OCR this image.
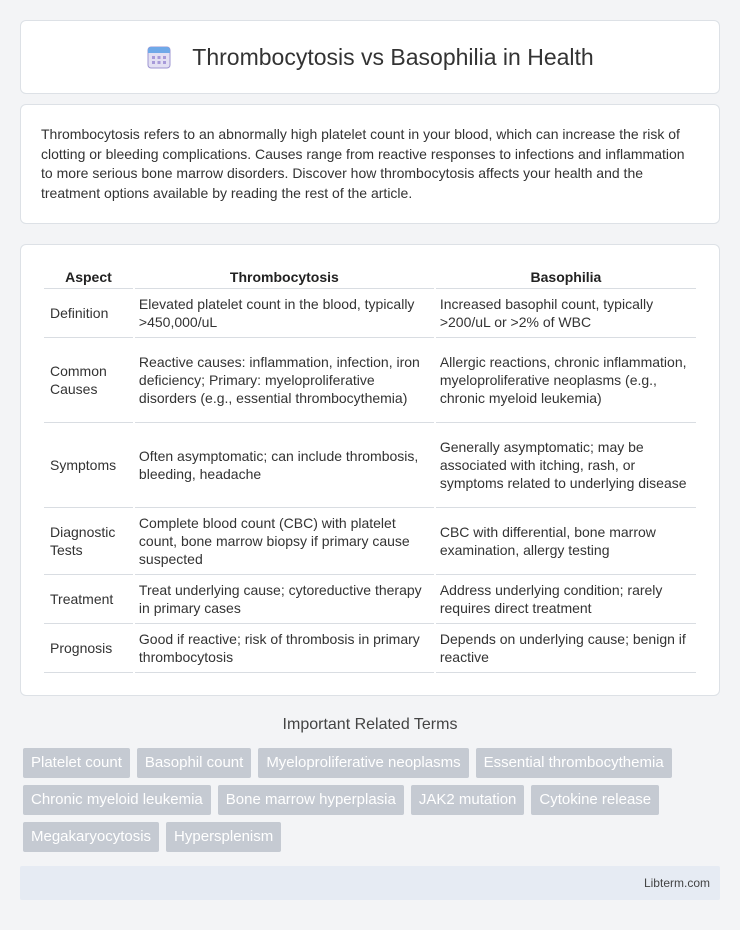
Thrombocytosis vs Basophilia in Health

Thrombocytosis refers to an abnormally high platelet count in your blood, which can increase the risk of clotting or bleeding complications. Causes range from reactive responses to infections and inflammation to more serious bone marrow disorders. Discover how thrombocytosis affects your health and the treatment options available by reading the rest of the article.

Aspect	Thrombocytosis	Basophilia
Definition	Elevated platelet count in the blood, typically >450,000/uL	Increased basophil count, typically >200/uL or >2% of WBC
Common Causes	Reactive causes: inflammation, infection, iron deficiency; Primary: myeloproliferative disorders (e.g., essential thrombocythemia)	Allergic reactions, chronic inflammation, myeloproliferative neoplasms (e.g., chronic myeloid leukemia)
Symptoms	Often asymptomatic; can include thrombosis, bleeding, headache	Generally asymptomatic; may be associated with itching, rash, or symptoms related to underlying disease
Diagnostic Tests	Complete blood count (CBC) with platelet count, bone marrow biopsy if primary cause suspected	CBC with differential, bone marrow examination, allergy testing
Treatment	Treat underlying cause; cytoreductive therapy in primary cases	Address underlying condition; rarely requires direct treatment
Prognosis	Good if reactive; risk of thrombosis in primary thrombocytosis	Depends on underlying cause; benign if reactive
Important Related Terms
Platelet count	Basophil count	Myeloproliferative neoplasms	Essential thrombocythemia
Chronic myeloid leukemia	Bone marrow hyperplasia	JAK2 mutation	Cytokine release
Megakaryocytosis	Hypersplenism
Libterm.com
